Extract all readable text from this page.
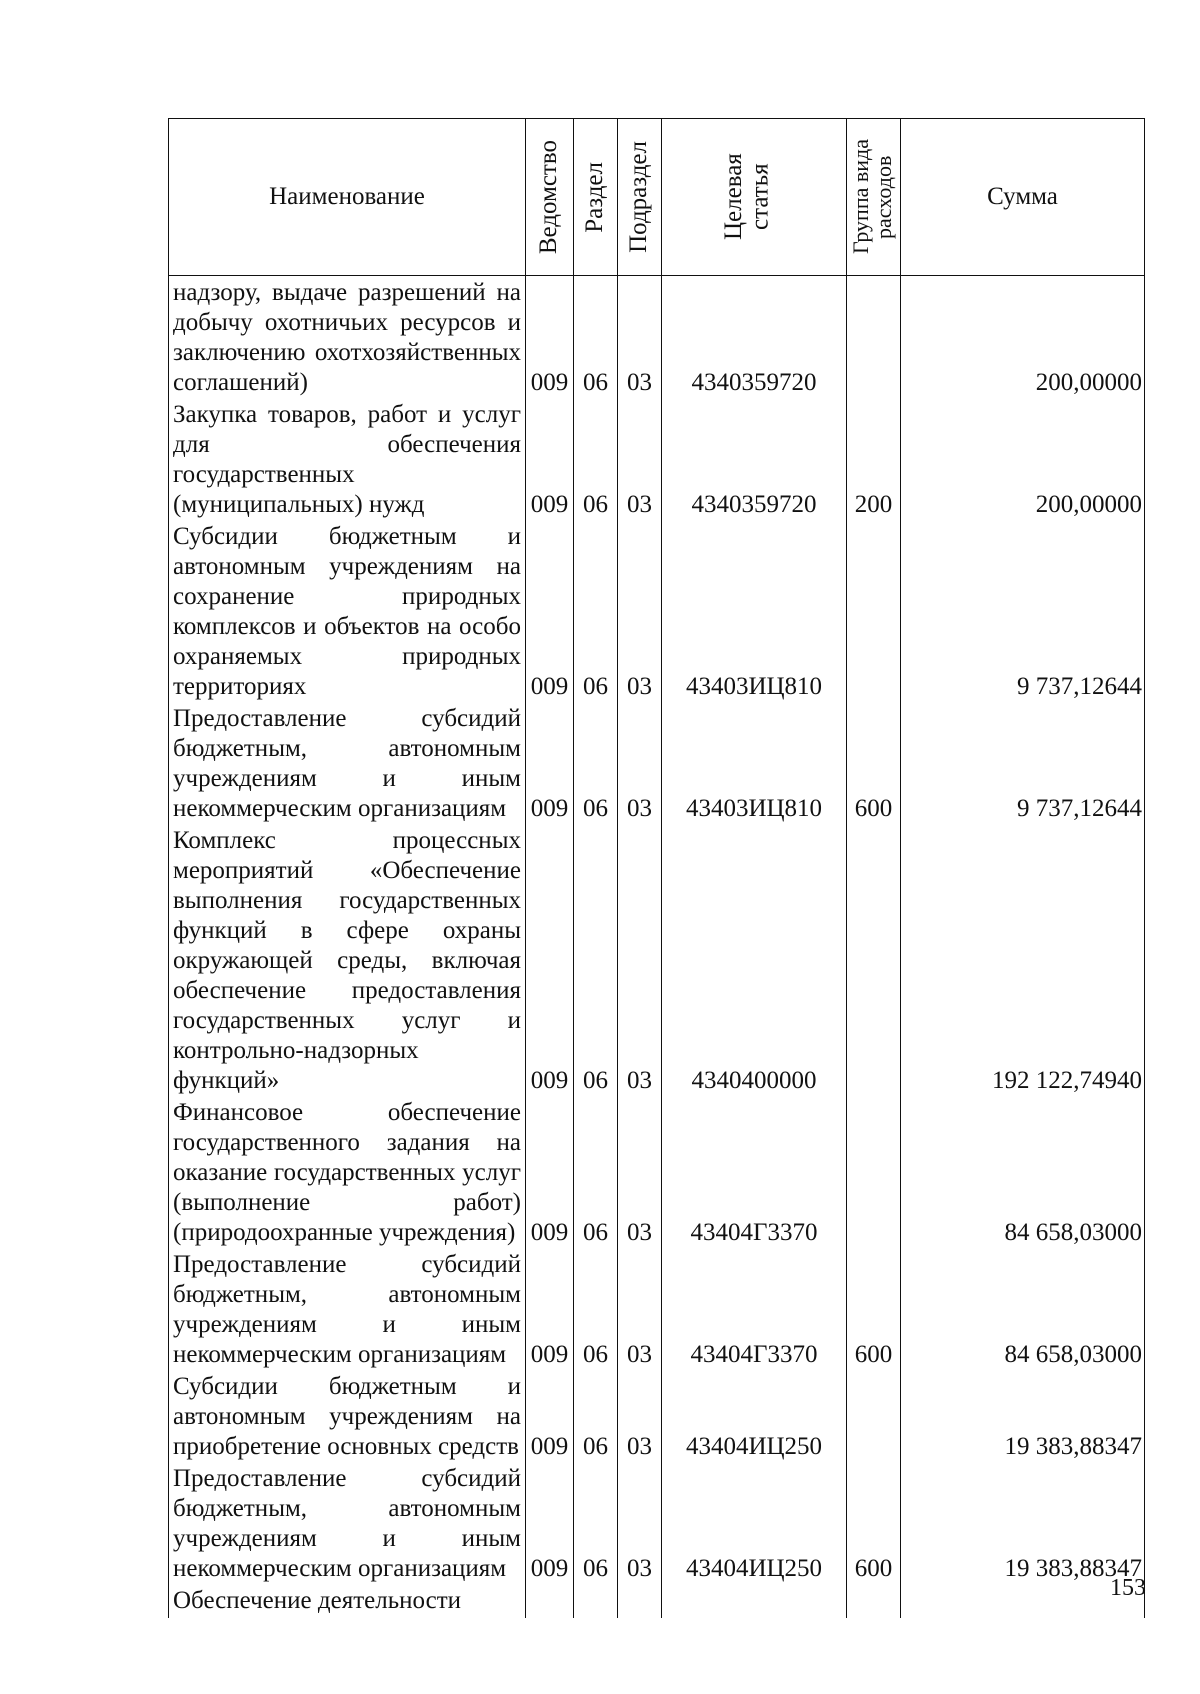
Наименование	Ведомство	Раздел	Подраздел	Целевая статья	Группа вида расходов	Сумма
надзору, выдаче разрешений на добычу охотничьих ресурсов и заключению охотхозяйственных соглашений)	009	06	03	4340359720		200,00000
Закупка товаров, работ и услуг для обеспечения государственных (муниципальных) нужд	009	06	03	4340359720	200	200,00000
Субсидии бюджетным и автономным учреждениям на сохранение природных комплексов и объектов на особо охраняемых природных территориях	009	06	03	43403ИЦ810		9 737,12644
Предоставление субсидий бюджетным, автономным учреждениям и иным некоммерческим организациям	009	06	03	43403ИЦ810	600	9 737,12644
Комплекс процессных мероприятий «Обеспечение выполнения государственных функций в сфере охраны окружающей среды, включая обеспечение предоставления государственных услуг и контрольно-надзорных функций»	009	06	03	4340400000		192 122,74940
Финансовое обеспечение государственного задания на оказание государственных услуг (выполнение работ) (природоохранные учреждения)	009	06	03	43404Г3370		84 658,03000
Предоставление субсидий бюджетным, автономным учреждениям и иным некоммерческим организациям	009	06	03	43404Г3370	600	84 658,03000
Субсидии бюджетным и автономным учреждениям на приобретение основных средств	009	06	03	43404ИЦ250		19 383,88347
Предоставление субсидий бюджетным, автономным учреждениям и иным некоммерческим организациям	009	06	03	43404ИЦ250	600	19 383,88347
Обеспечение деятельности							153
